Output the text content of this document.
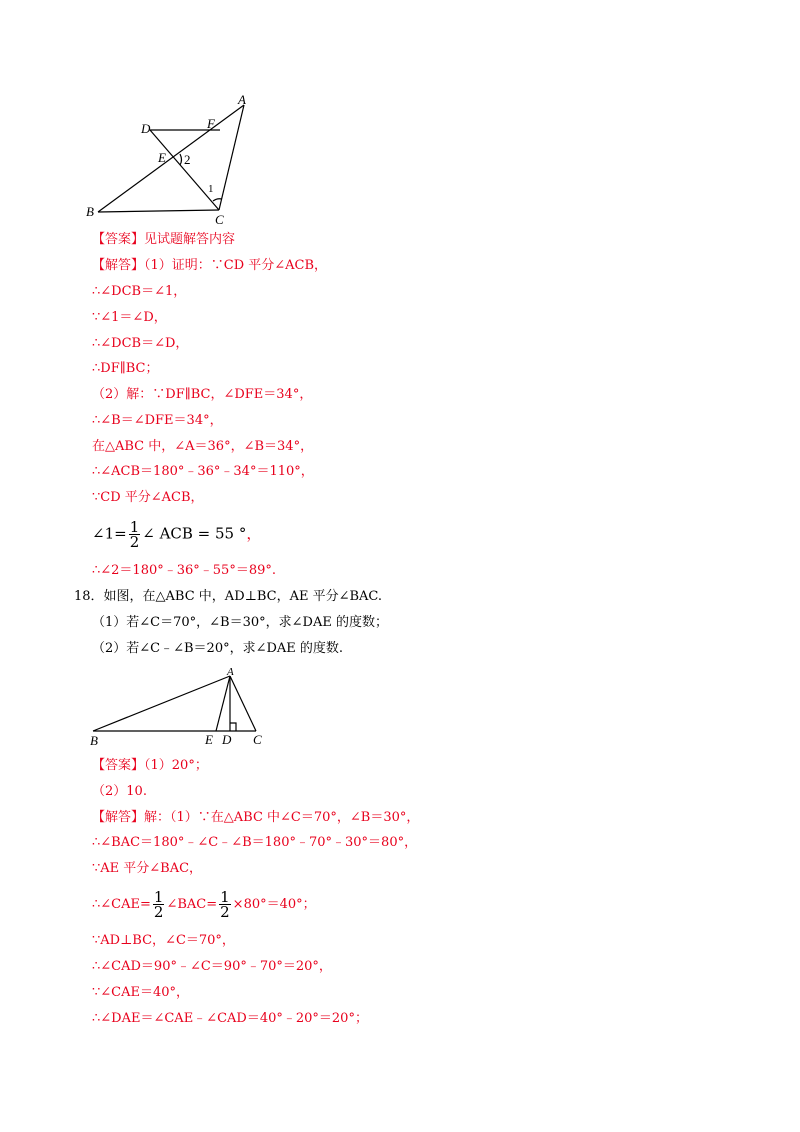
A
B
C
D
E
F
2
1
【答案】见试题解答内容
【解答】（1）证明：∵CD 平分∠ACB，
∴∠DCB＝∠1，
∵∠1＝∠D，
∴∠DCB＝∠D，
∴DF∥BC；
（2）解：∵DF∥BC，∠DFE＝34°，
∴∠B＝∠DFE＝34°，
在△ABC 中，∠A＝36°，∠B＝34°，
∴∠ACB＝180°﹣36°﹣34°＝110°，
∵CD 平分∠ACB，
∠1= $\frac{1}{2}$ ∠ ACB = 55 °，
∴∠2＝180°﹣36°﹣55°＝89°.
18．如图，在△ABC 中，AD⊥BC，AE 平分∠BAC.
（1）若∠C＝70°，∠B＝30°，求∠DAE 的度数；
（2）若∠C﹣∠B＝20°，求∠DAE 的度数.
A
B	C
D
E
【答案】（1）20°；
（2）10.
【解答】解：（1）∵在△ABC 中∠C＝70°，∠B＝30°，
∴∠BAC＝180°﹣∠C﹣∠B＝180°﹣70°﹣30°＝80°，
∵AE 平分∠BAC，
∴∠CAE= $\frac{1}{2}$ ∠BAC= $\frac{1}{2} \times 80^\circ=40^\circ$；
∵AD⊥BC，∠C＝70°，
∴∠CAD＝90°﹣∠C＝90°﹣70°＝20°，
∵∠CAE＝40°，
∴∠DAE＝∠CAE﹣∠CAD＝40°﹣20°＝20°；
